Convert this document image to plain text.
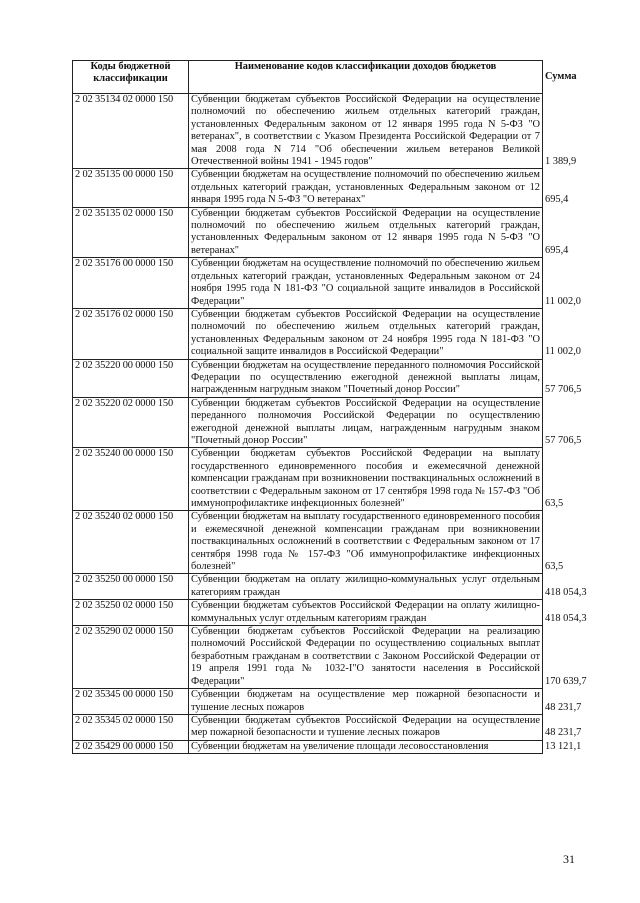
Коды бюджетной классификации	Наименование кодов классификации доходов бюджетов	Сумма
2 02 35134 02 0000 150	Субвенции бюджетам субъектов Российской Федерации на осуществление полномочий по обеспечению жильем отдельных категорий граждан, установленных Федеральным законом от 12 января 1995 года N 5-ФЗ "О ветеранах", в соответствии с Указом Президента Российской Федерации от 7 мая 2008 года N 714 "Об обеспечении жильем ветеранов Великой Отечественной войны 1941 - 1945 годов"	1 389,9
2 02 35135 00 0000 150	Субвенции бюджетам на осуществление полномочий по обеспечению жильем отдельных категорий граждан, установленных Федеральным законом от 12 января 1995 года N 5-ФЗ "О ветеранах"	695,4
2 02 35135 02 0000 150	Субвенции бюджетам субъектов Российской Федерации на осуществление полномочий по обеспечению жильем отдельных категорий граждан, установленных Федеральным законом от 12 января 1995 года N 5-ФЗ "О ветеранах"	695,4
2 02 35176 00 0000 150	Субвенции бюджетам на осуществление полномочий по обеспечению жильем отдельных категорий граждан, установленных Федеральным законом от 24 ноября 1995 года N 181-ФЗ "О социальной защите инвалидов в Российской Федерации"	11 002,0
2 02 35176 02 0000 150	Субвенции бюджетам субъектов Российской Федерации на осуществление полномочий по обеспечению жильем отдельных категорий граждан, установленных Федеральным законом от 24 ноября 1995 года N 181-ФЗ "О социальной защите инвалидов в Российской Федерации"	11 002,0
2 02 35220 00 0000 150	Субвенции бюджетам на осуществление переданного полномочия Российской Федерации по осуществлению ежегодной денежной выплаты лицам, награжденным нагрудным знаком "Почетный донор России"	57 706,5
2 02 35220 02 0000 150	Субвенции бюджетам субъектов Российской Федерации на осуществление переданного полномочия Российской Федерации по осуществлению ежегодной денежной выплаты лицам, награжденным нагрудным знаком "Почетный донор России"	57 706,5
2 02 35240 00 0000 150	Субвенции бюджетам субъектов Российской Федерации на выплату государственного единовременного пособия и ежемесячной денежной компенсации гражданам при возникновении поствакцинальных осложнений в соответствии с Федеральным законом от 17 сентября 1998 года № 157-ФЗ "Об иммунопрофилактике инфекционных болезней"	63,5
2 02 35240 02 0000 150	Субвенции бюджетам на выплату государственного единовременного пособия и ежемесячной денежной компенсации гражданам при возникновении поствакцинальных осложнений в соответствии с Федеральным законом от 17 сентября 1998 года № 157-ФЗ "Об иммунопрофилактике инфекционных болезней"	63,5
2 02 35250 00 0000 150	Субвенции бюджетам на оплату жилищно-коммунальных услуг отдельным категориям граждан	418 054,3
2 02 35250 02 0000 150	Субвенции бюджетам субъектов Российской Федерации на оплату жилищно-коммунальных услуг отдельным категориям граждан	418 054,3
2 02 35290 02 0000 150	Субвенции бюджетам субъектов Российской Федерации на реализацию полномочий Российской Федерации по осуществлению социальных выплат безработным гражданам в соответствии с Законом Российской Федерации от 19 апреля 1991 года № 1032-I"О занятости населения в Российской Федерации"	170 639,7
2 02 35345 00 0000 150	Субвенции бюджетам на осуществление мер пожарной безопасности и тушение лесных пожаров	48 231,7
2 02 35345 02 0000 150	Субвенции бюджетам субъектов Российской Федерации на осуществление мер пожарной безопасности и тушение лесных пожаров	48 231,7
2 02 35429 00 0000 150	Субвенции бюджетам на увеличение площади лесовосстановления	13 121,1
31
